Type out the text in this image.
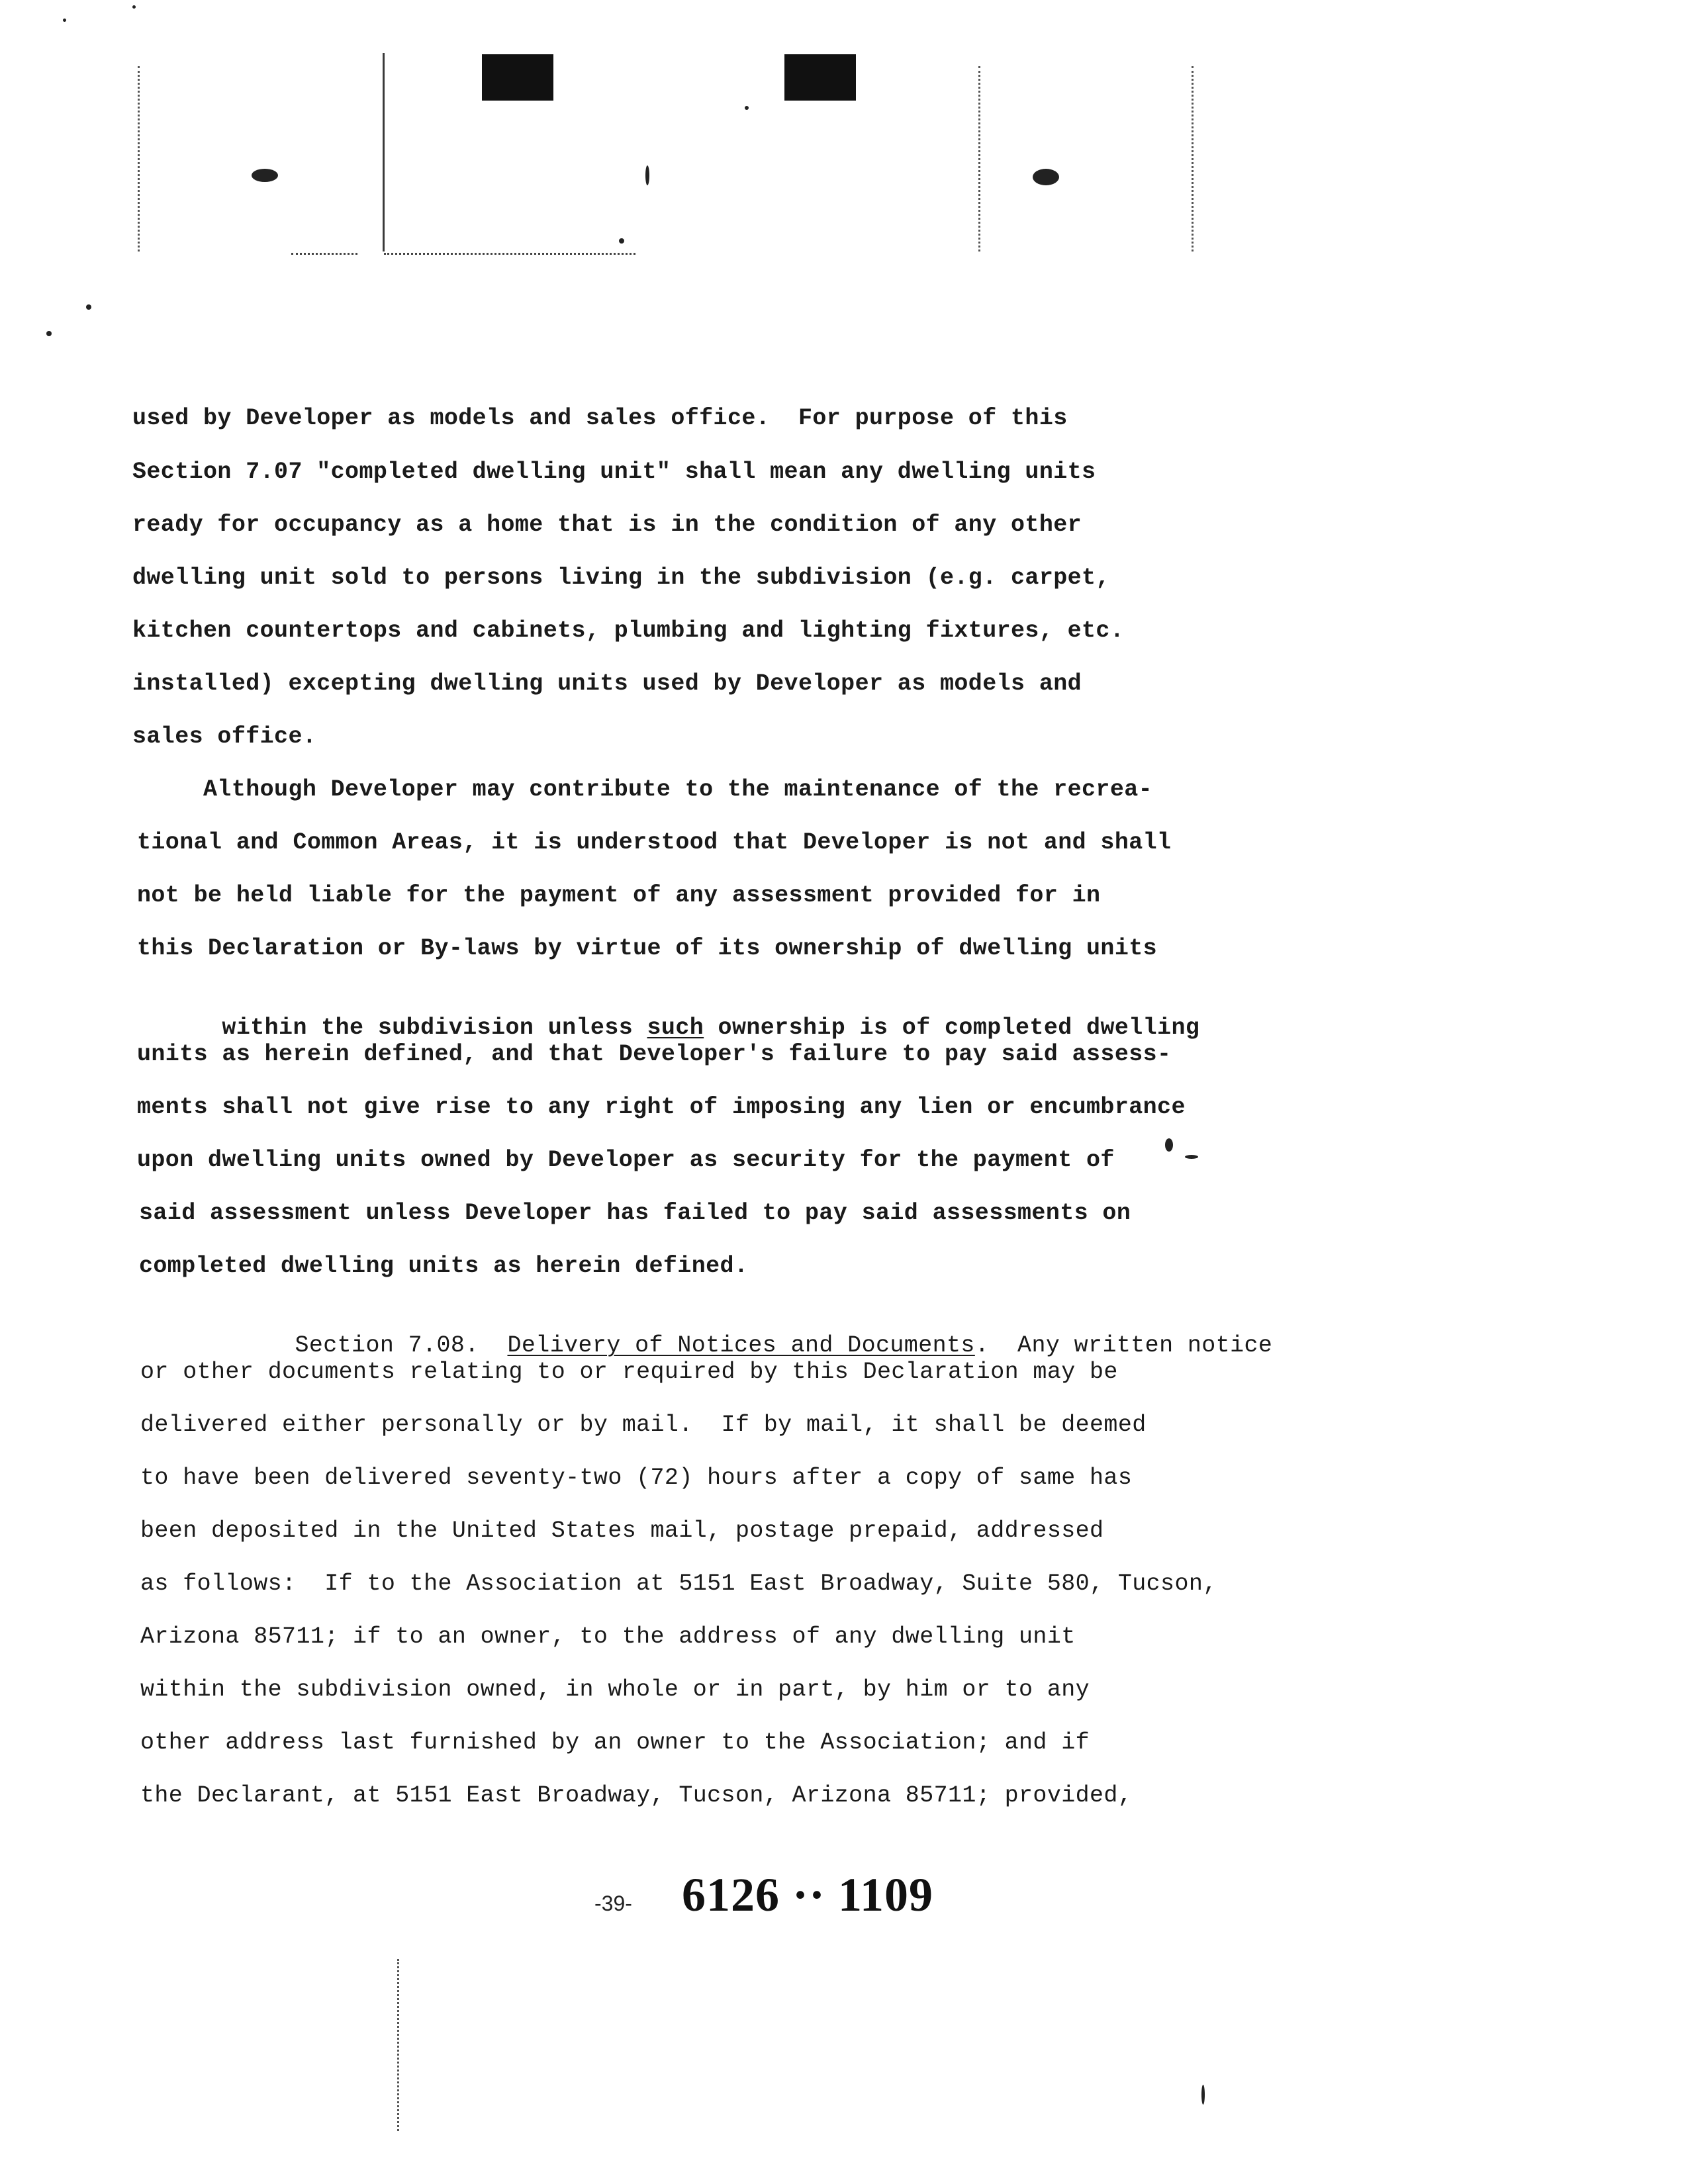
used by Developer as models and sales office.  For purpose of this
Section 7.07 "completed dwelling unit" shall mean any dwelling units
ready for occupancy as a home that is in the condition of any other
dwelling unit sold to persons living in the subdivision (e.g. carpet,
kitchen countertops and cabinets, plumbing and lighting fixtures, etc.
installed) excepting dwelling units used by Developer as models and
sales office.
Although Developer may contribute to the maintenance of the recrea-
tional and Common Areas, it is understood that Developer is not and shall
not be held liable for the payment of any assessment provided for in
this Declaration or By-laws by virtue of its ownership of dwelling units

within the subdivision unless such ownership is of completed dwelling

units as herein defined, and that Developer's failure to pay said assess-
ments shall not give rise to any right of imposing any lien or encumbrance
upon dwelling units owned by Developer as security for the payment of
said assessment unless Developer has failed to pay said assessments on
completed dwelling units as herein defined.

Section 7.08.  Delivery of Notices and Documents.  Any written notice

or other documents relating to or required by this Declaration may be
delivered either personally or by mail.  If by mail, it shall be deemed
to have been delivered seventy-two (72) hours after a copy of same has
been deposited in the United States mail, postage prepaid, addressed
as follows:  If to the Association at 5151 East Broadway, Suite 580, Tucson,
Arizona 85711; if to an owner, to the address of any dwelling unit
within the subdivision owned, in whole or in part, by him or to any
other address last furnished by an owner to the Association; and if
the Declarant, at 5151 East Broadway, Tucson, Arizona 85711; provided,
-39- 6126 ·· 1109
